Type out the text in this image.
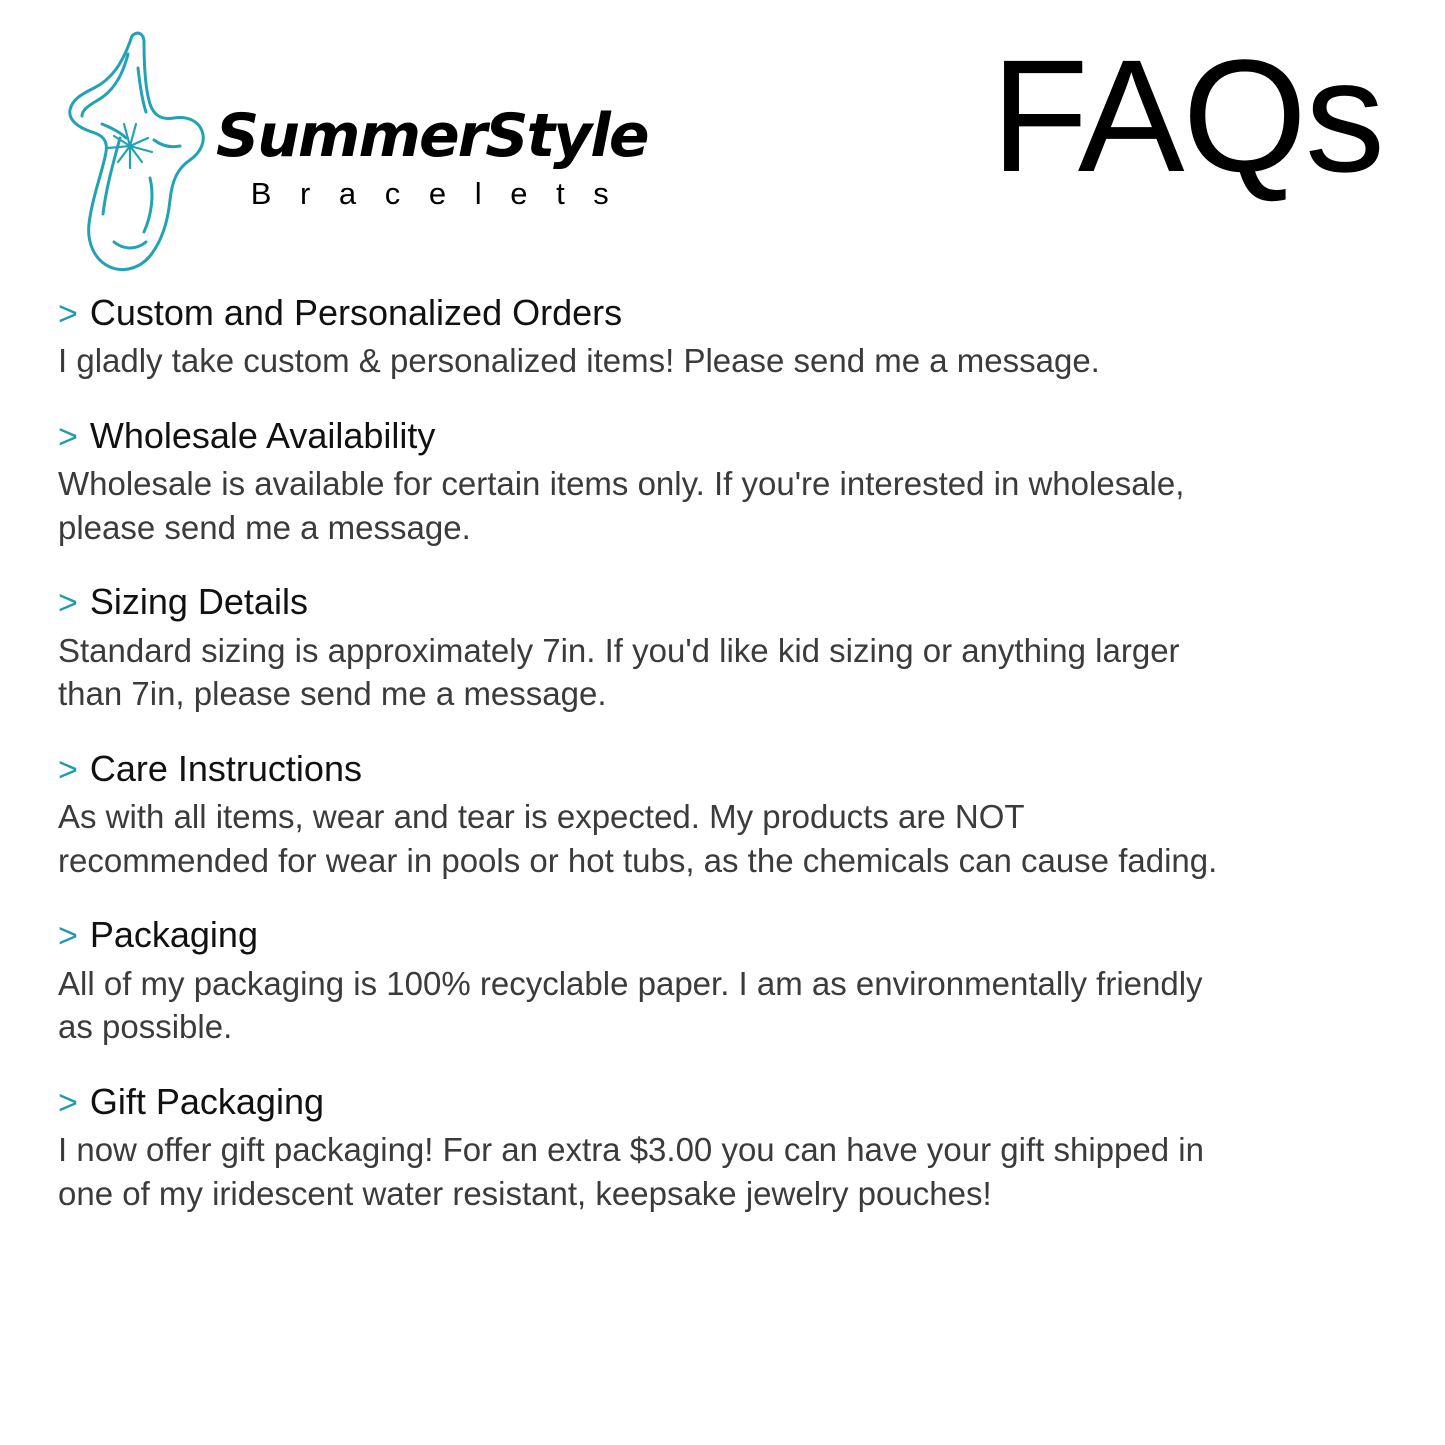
SummerStyle
B r a c e l e t s FAQs
> Custom and Personalized Orders

I gladly take custom & personalized items! Please send me a message.

> Wholesale Availability

Wholesale is available for certain items only. If you're interested in wholesale, please send me a message.

> Sizing Details

Standard sizing is approximately 7in. If you'd like kid sizing or anything larger than 7in, please send me a message.

> Care Instructions

As with all items, wear and tear is expected. My products are NOT recommended for wear in pools or hot tubs, as the chemicals can cause fading.

> Packaging

All of my packaging is 100% recyclable paper. I am as environmentally friendly as possible.

> Gift Packaging

I now offer gift packaging! For an extra $3.00 you can have your gift shipped in one of my iridescent water resistant, keepsake jewelry pouches!
